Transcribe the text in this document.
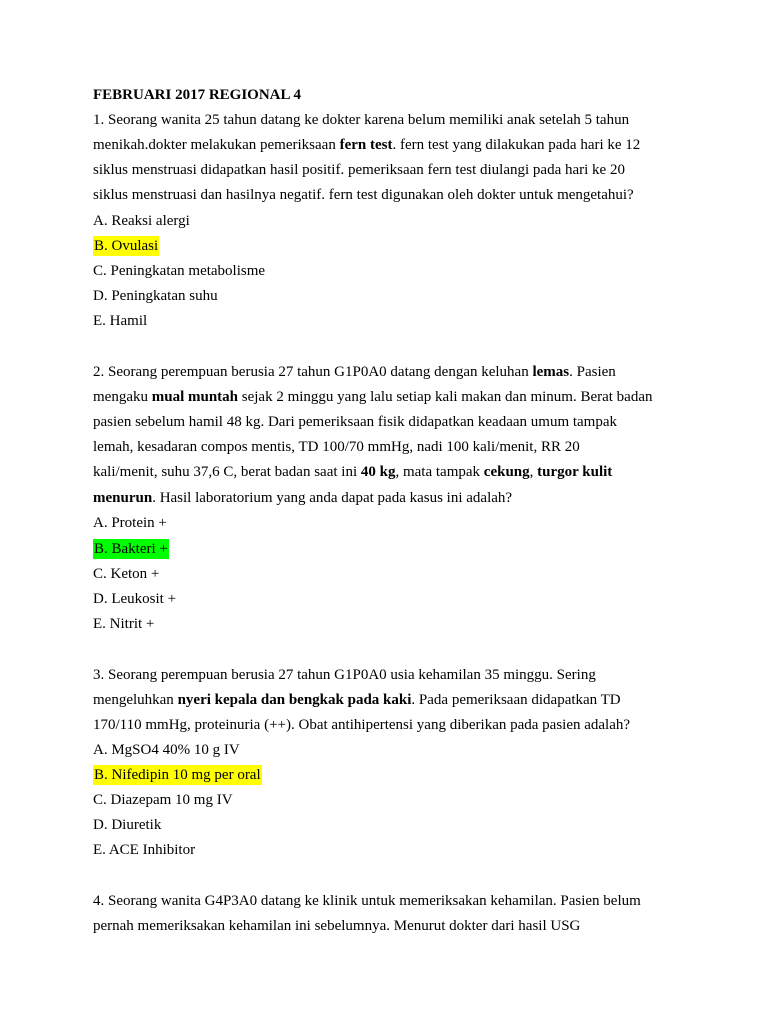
FEBRUARI 2017 REGIONAL 4
1. Seorang wanita 25 tahun datang ke dokter karena belum memiliki anak setelah 5 tahun
menikah.dokter melakukan pemeriksaan fern test. fern test yang dilakukan pada hari ke 12
siklus menstruasi didapatkan hasil positif. pemeriksaan fern test diulangi pada hari ke 20
siklus menstruasi dan hasilnya negatif. fern test digunakan oleh dokter untuk mengetahui?
A. Reaksi alergi
B. Ovulasi
C. Peningkatan metabolisme
D. Peningkatan suhu
E. Hamil
2. Seorang perempuan berusia 27 tahun G1P0A0 datang dengan keluhan lemas. Pasien
mengaku mual muntah sejak 2 minggu yang lalu setiap kali makan dan minum. Berat badan
pasien sebelum hamil 48 kg. Dari pemeriksaan fisik didapatkan keadaan umum tampak
lemah, kesadaran compos mentis, TD 100/70 mmHg, nadi 100 kali/menit, RR 20
kali/menit, suhu 37,6 C, berat badan saat ini 40 kg, mata tampak cekung, turgor kulit
menurun. Hasil laboratorium yang anda dapat pada kasus ini adalah?
A. Protein +
B. Bakteri +
C. Keton +
D. Leukosit +
E. Nitrit +
3. Seorang perempuan berusia 27 tahun G1P0A0 usia kehamilan 35 minggu. Sering
mengeluhkan nyeri kepala dan bengkak pada kaki. Pada pemeriksaan didapatkan TD
170/110 mmHg, proteinuria (++). Obat antihipertensi yang diberikan pada pasien adalah?
A. MgSO4 40% 10 g IV
B. Nifedipin 10 mg per oral
C. Diazepam 10 mg IV
D. Diuretik
E. ACE Inhibitor
4. Seorang wanita G4P3A0 datang ke klinik untuk memeriksakan kehamilan. Pasien belum
pernah memeriksakan kehamilan ini sebelumnya. Menurut dokter dari hasil USG
